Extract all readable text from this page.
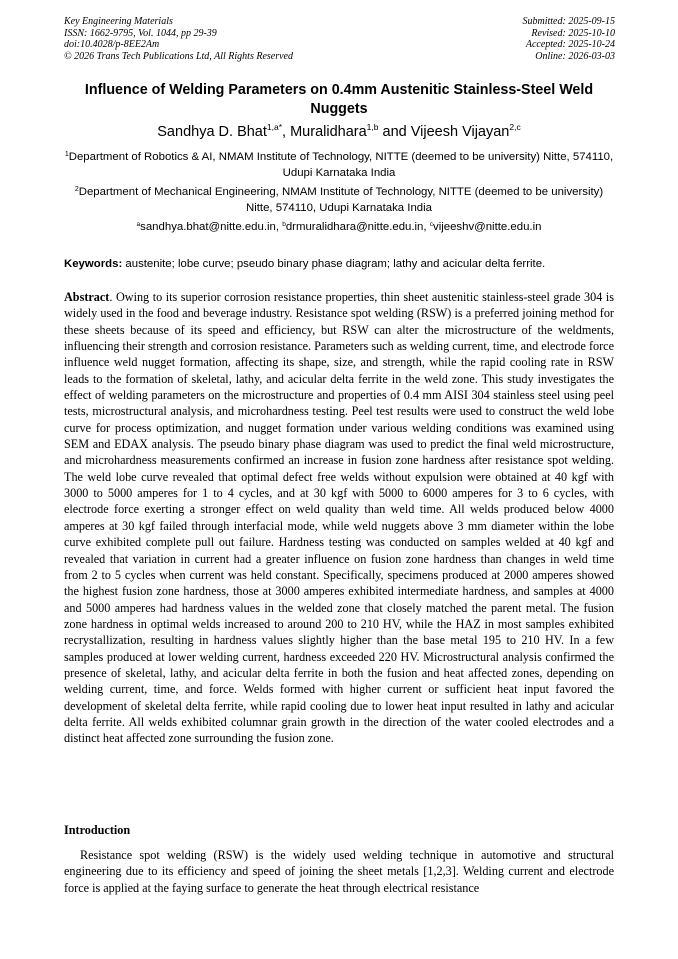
Key Engineering Materials
ISSN: 1662-9795, Vol. 1044, pp 29-39
doi:10.4028/p-8EE2Am
© 2026 Trans Tech Publications Ltd, All Rights Reserved
Submitted: 2025-09-15
Revised: 2025-10-10
Accepted: 2025-10-24
Online: 2026-03-03
Influence of Welding Parameters on 0.4mm Austenitic Stainless-Steel Weld Nuggets
Sandhya D. Bhat$^{1,a*}$, Muralidhara$^{1,b}$ and Vijeesh Vijayan$^{2,c}$
$^1$Department of Robotics & AI, NMAM Institute of Technology, NITTE (deemed to be university) Nitte, 574110, Udupi Karnataka India
$^2$Department of Mechanical Engineering, NMAM Institute of Technology, NITTE (deemed to be university) Nitte, 574110, Udupi Karnataka India
$^a$sandhya.bhat@nitte.edu.in, $^b$drmuralidhara@nitte.edu.in, $^c$vijeeshv@nitte.edu.in
Keywords: austenite; lobe curve; pseudo binary phase diagram; lathy and acicular delta ferrite.
Abstract. Owing to its superior corrosion resistance properties, thin sheet austenitic stainless-steel grade 304 is widely used in the food and beverage industry. Resistance spot welding (RSW) is a preferred joining method for these sheets because of its speed and efficiency, but RSW can alter the microstructure of the weldments, influencing their strength and corrosion resistance. Parameters such as welding current, time, and electrode force influence weld nugget formation, affecting its shape, size, and strength, while the rapid cooling rate in RSW leads to the formation of skeletal, lathy, and acicular delta ferrite in the weld zone. This study investigates the effect of welding parameters on the microstructure and properties of 0.4 mm AISI 304 stainless steel using peel tests, microstructural analysis, and microhardness testing. Peel test results were used to construct the weld lobe curve for process optimization, and nugget formation under various welding conditions was examined using SEM and EDAX analysis. The pseudo binary phase diagram was used to predict the final weld microstructure, and microhardness measurements confirmed an increase in fusion zone hardness after resistance spot welding. The weld lobe curve revealed that optimal defect free welds without expulsion were obtained at 40 kgf with 3000 to 5000 amperes for 1 to 4 cycles, and at 30 kgf with 5000 to 6000 amperes for 3 to 6 cycles, with electrode force exerting a stronger effect on weld quality than weld time. All welds produced below 4000 amperes at 30 kgf failed through interfacial mode, while weld nuggets above 3 mm diameter within the lobe curve exhibited complete pull out failure. Hardness testing was conducted on samples welded at 40 kgf and revealed that variation in current had a greater influence on fusion zone hardness than changes in weld time from 2 to 5 cycles when current was held constant. Specifically, specimens produced at 2000 amperes showed the highest fusion zone hardness, those at 3000 amperes exhibited intermediate hardness, and samples at 4000 and 5000 amperes had hardness values in the welded zone that closely matched the parent metal. The fusion zone hardness in optimal welds increased to around 200 to 210 HV, while the HAZ in most samples exhibited recrystallization, resulting in hardness values slightly higher than the base metal 195 to 210 HV. In a few samples produced at lower welding current, hardness exceeded 220 HV. Microstructural analysis confirmed the presence of skeletal, lathy, and acicular delta ferrite in both the fusion and heat affected zones, depending on welding current, time, and force. Welds formed with higher current or sufficient heat input favored the development of skeletal delta ferrite, while rapid cooling due to lower heat input resulted in lathy and acicular delta ferrite. All welds exhibited columnar grain growth in the direction of the water cooled electrodes and a distinct heat affected zone surrounding the fusion zone.
Introduction
Resistance spot welding (RSW) is the widely used welding technique in automotive and structural engineering due to its efficiency and speed of joining the sheet metals [1,2,3]. Welding current and electrode force is applied at the faying surface to generate the heat through electrical resistance
